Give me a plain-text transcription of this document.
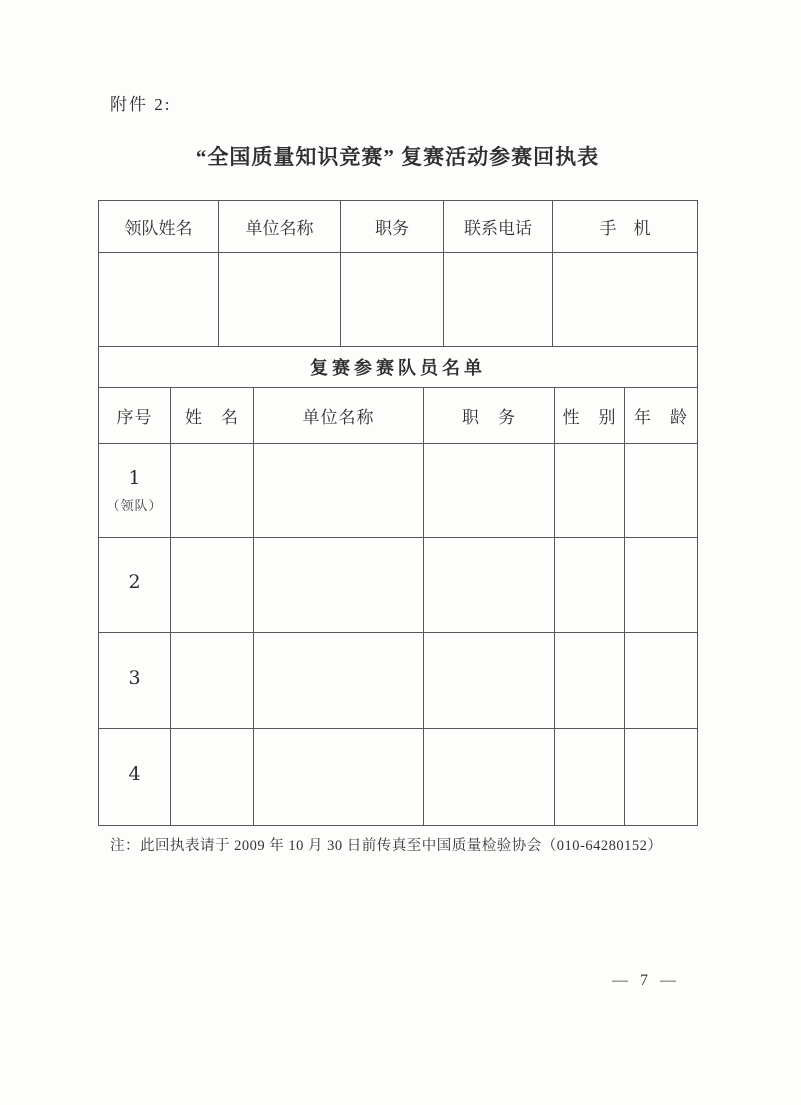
附件 2:
“全国质量知识竞赛” 复赛活动参赛回执表
领队姓名	单位名称	职务	联系电话	手　机

复赛参赛队员名单					
序号	姓　名	单位名称	职　务	性　别	年　龄

1
（领队）					

2					

3					

4					

注：此回执表请于 2009 年 10 月 30 日前传真至中国质量检验协会（010-64280152）
— 7 —
